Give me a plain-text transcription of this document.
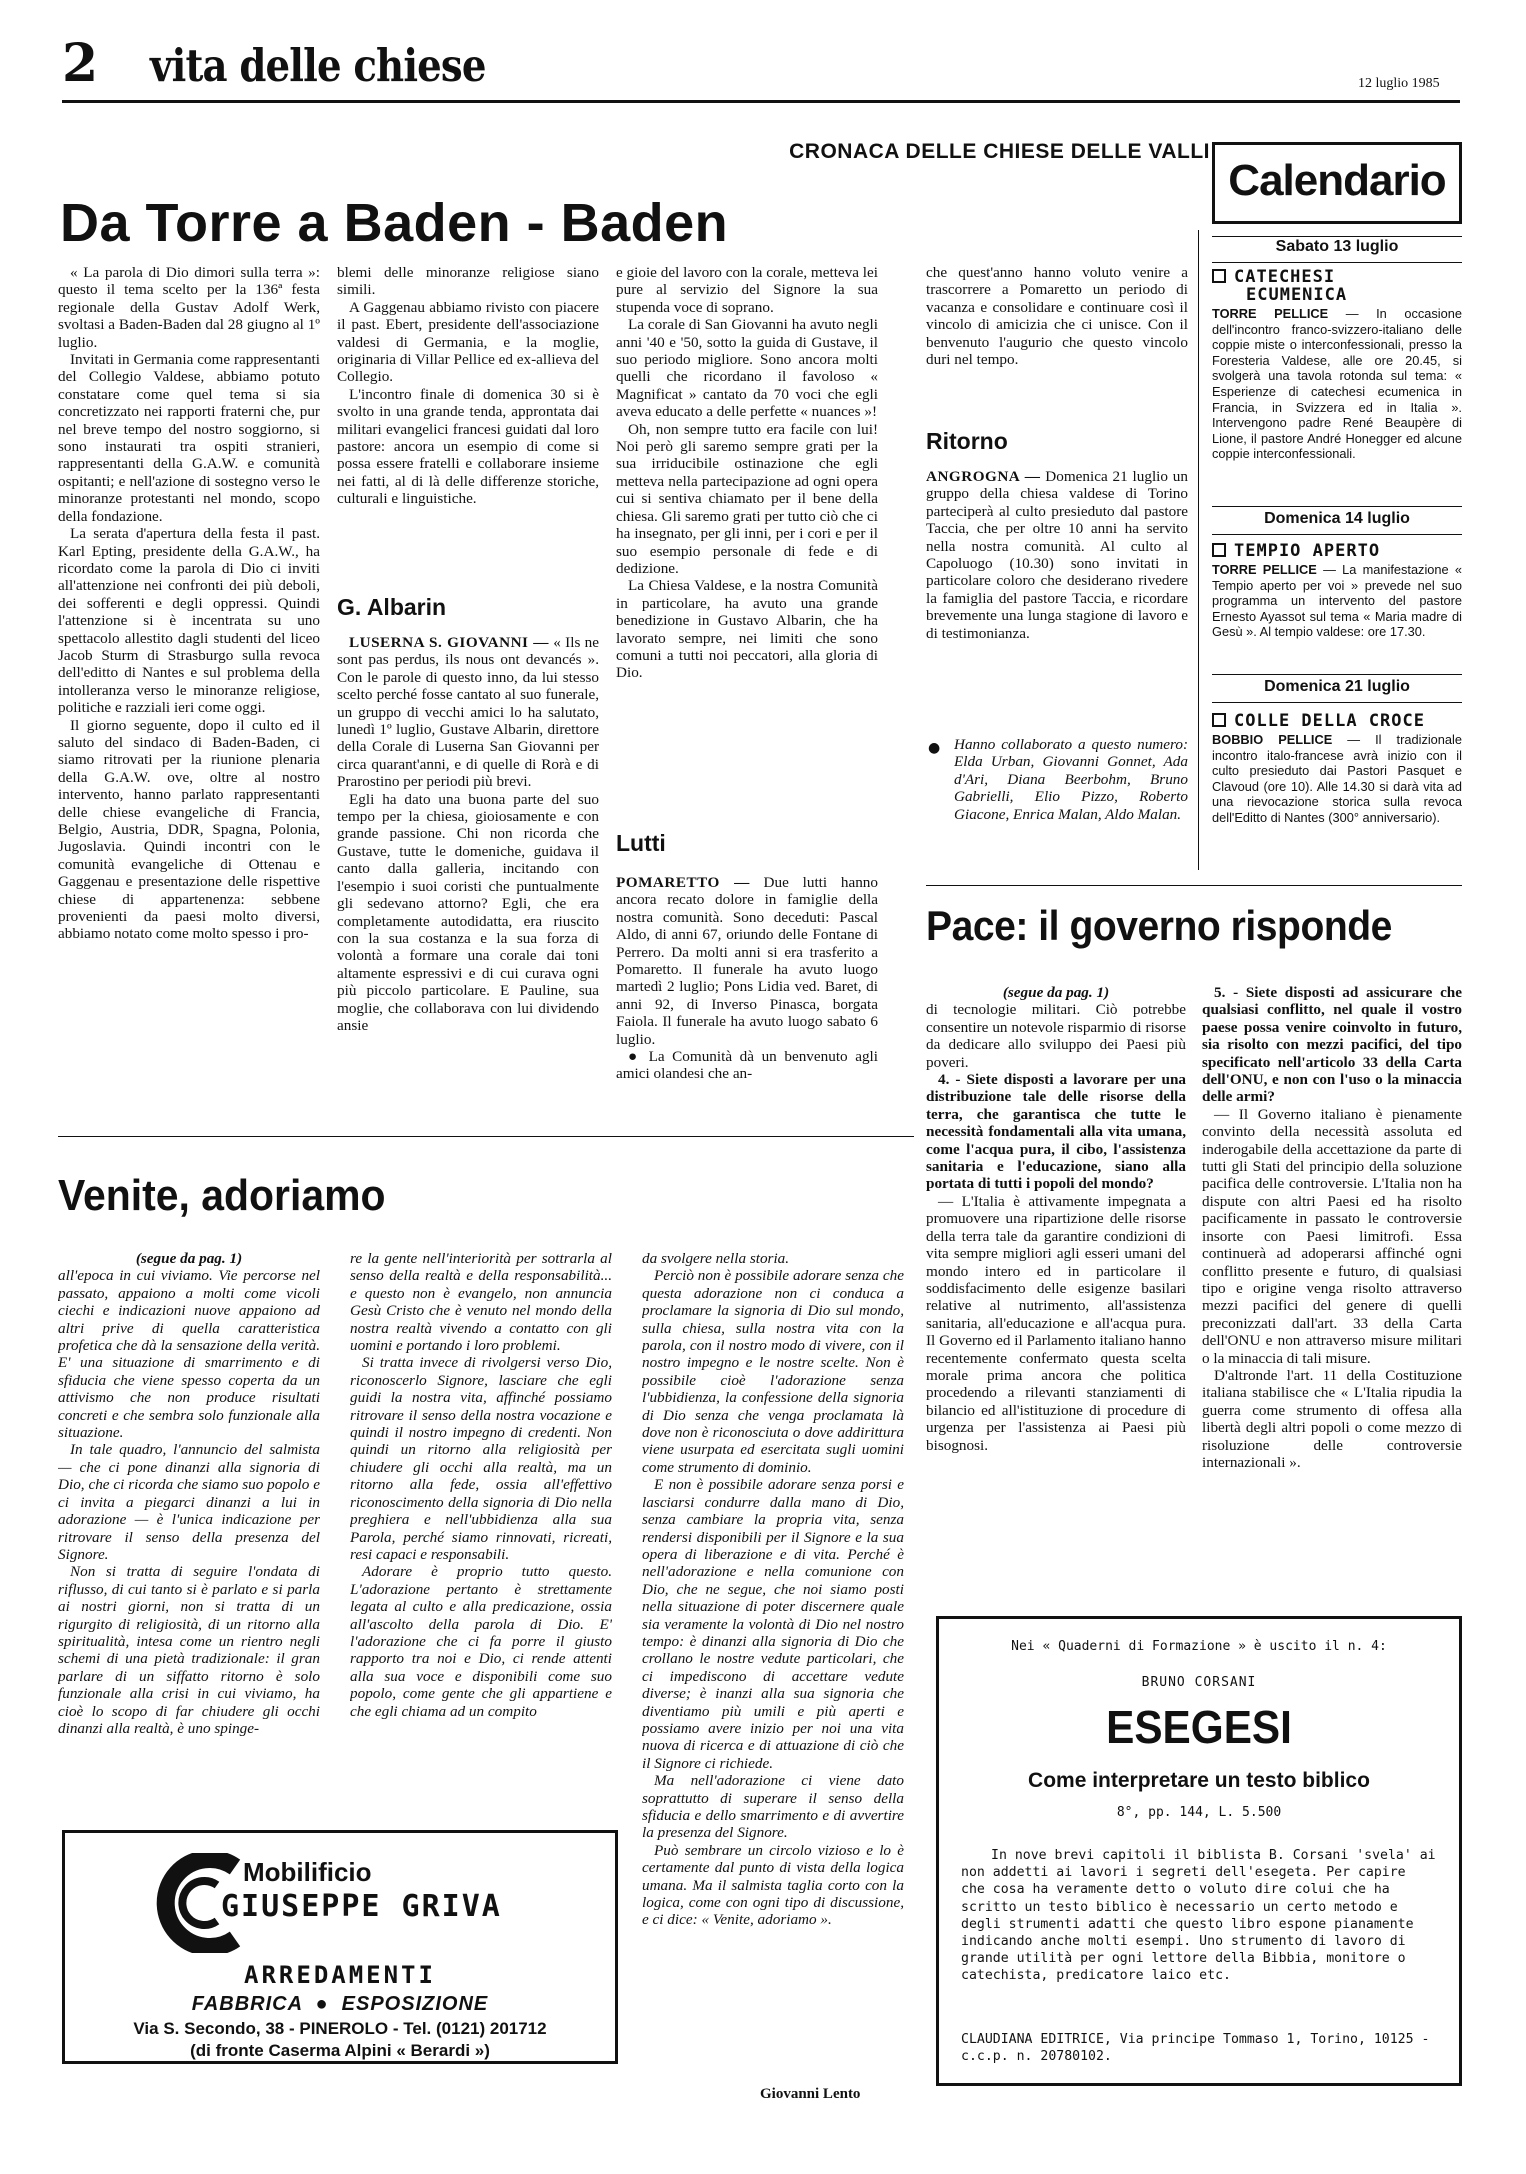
2 vita delle chiese	12 luglio 1985
CRONACA DELLE CHIESE DELLE VALLI
Da Torre a Baden - Baden

« La parola di Dio dimori sulla terra »: questo il tema scelto per la 136ª festa regionale della Gustav Adolf Werk, svoltasi a Baden-Baden dal 28 giugno al 1º luglio.

Invitati in Germania come rappresentanti del Collegio Valdese, abbiamo potuto constatare come quel tema si sia concretizzato nei rapporti fraterni che, pur nel breve tempo del nostro soggiorno, si sono instaurati tra ospiti stranieri, rappresentanti della G.A.W. e comunità ospitanti; e nell'azione di sostegno verso le minoranze protestanti nel mondo, scopo della fondazione.

La serata d'apertura della festa il past. Karl Epting, presidente della G.A.W., ha ricordato come la parola di Dio ci inviti all'attenzione nei confronti dei più deboli, dei sofferenti e degli oppressi. Quindi l'attenzione si è incentrata su uno spettacolo allestito dagli studenti del liceo Jacob Sturm di Strasburgo sulla revoca dell'editto di Nantes e sul problema della intolleranza verso le minoranze religiose, politiche e razziali ieri come oggi.

Il giorno seguente, dopo il culto ed il saluto del sindaco di Baden-Baden, ci siamo ritrovati per la riunione plenaria della G.A.W. ove, oltre al nostro intervento, hanno parlato rappresentanti delle chiese evangeliche di Francia, Belgio, Austria, DDR, Spagna, Polonia, Jugoslavia. Quindi incontri con le comunità evangeliche di Ottenau e Gaggenau e presentazione delle rispettive chiese di appartenenza: sebbene provenienti da paesi molto diversi, abbiamo notato come molto spesso i pro-

blemi delle minoranze religiose siano simili.

A Gaggenau abbiamo rivisto con piacere il past. Ebert, presidente dell'associazione valdesi di Germania, e la moglie, originaria di Villar Pellice ed ex-allieva del Collegio.

L'incontro finale di domenica 30 si è svolto in una grande tenda, approntata dai militari evangelici francesi guidati dal loro pastore: ancora un esempio di come si possa essere fratelli e collaborare insieme nei fatti, al di là delle differenze storiche, culturali e linguistiche.

G. Albarin

LUSERNA S. GIOVANNI — « Ils ne sont pas perdus, ils nous ont devancés ». Con le parole di questo inno, da lui stesso scelto perché fosse cantato al suo funerale, un gruppo di vecchi amici lo ha salutato, lunedì 1º luglio, Gustave Albarin, direttore della Corale di Luserna San Giovanni per circa quarant'anni, e di quelle di Rorà e di Prarostino per periodi più brevi.

Egli ha dato una buona parte del suo tempo per la chiesa, gioiosamente e con grande passione. Chi non ricorda che Gustave, tutte le domeniche, guidava il canto dalla galleria, incitando con l'esempio i suoi coristi che puntualmente gli sedevano attorno? Egli, che era completamente autodidatta, era riuscito con la sua costanza e la sua forza di volontà a formare una corale dai toni altamente espressivi e di cui curava ogni più piccolo particolare. E Pauline, sua moglie, che collaborava con lui dividendo ansie

e gioie del lavoro con la corale, metteva lei pure al servizio del Signore la sua stupenda voce di soprano.

La corale di San Giovanni ha avuto negli anni '40 e '50, sotto la guida di Gustave, il suo periodo migliore. Sono ancora molti quelli che ricordano il favoloso « Magnificat » cantato da 70 voci che egli aveva educato a delle perfette « nuances »!

Oh, non sempre tutto era facile con lui! Noi però gli saremo sempre grati per la sua irriducibile ostinazione che egli metteva nella partecipazione ad ogni opera cui si sentiva chiamato per il bene della chiesa. Gli saremo grati per tutto ciò che ci ha insegnato, per gli inni, per i cori e per il suo esempio personale di fede e di dedizione.

La Chiesa Valdese, e la nostra Comunità in particolare, ha avuto una grande benedizione in Gustavo Albarin, che ha lavorato sempre, nei limiti che sono comuni a tutti noi peccatori, alla gloria di Dio.

Lutti

POMARETTO — Due lutti hanno ancora recato dolore in famiglie della nostra comunità. Sono deceduti: Pascal Aldo, di anni 67, oriundo delle Fontane di Perrero. Da molti anni si era trasferito a Pomaretto. Il funerale ha avuto luogo martedì 2 luglio; Pons Lidia ved. Baret, di anni 92, di Inverso Pinasca, borgata Faiola. Il funerale ha avuto luogo sabato 6 luglio.

● La Comunità dà un benvenuto agli amici olandesi che an-

che quest'anno hanno voluto venire a trascorrere a Pomaretto un periodo di vacanza e consolidare e continuare così il vincolo di amicizia che ci unisce. Con il benvenuto l'augurio che questo vincolo duri nel tempo.

Ritorno

ANGROGNA — Domenica 21 luglio un gruppo della chiesa valdese di Torino parteciperà al culto presieduto dal pastore Taccia, che per oltre 10 anni ha servito nella nostra comunità. Al culto al Capoluogo (10.30) sono invitati in particolare coloro che desiderano rivedere la famiglia del pastore Taccia, e ricordare brevemente una lunga stagione di lavoro e di testimonianza.

● Hanno collaborato a questo numero: Elda Urban, Giovanni Gonnet, Ada d'Ari, Diana Beerbohm, Bruno Gabrielli, Elio Pizzo, Roberto Giacone, Enrica Malan, Aldo Malan.

Calendario
Sabato 13 luglio
CATECHESI
ECUMENICA
TORRE PELLICE — In occasione dell'incontro franco-svizzero-italiano delle coppie miste o interconfessionali, presso la Foresteria Valdese, alle ore 20.45, si svolgerà una tavola rotonda sul tema: « Esperienze di catechesi ecumenica in Francia, in Svizzera ed in Italia ». Intervengono padre René Beaupère di Lione, il pastore André Honegger ed alcune coppie interconfessionali.
Domenica 14 luglio
TEMPIO APERTO
TORRE PELLICE — La manifestazione « Tempio aperto per voi » prevede nel suo programma un intervento del pastore Ernesto Ayassot sul tema « Maria madre di Gesù ». Al tempio valdese: ore 17.30.
Domenica 21 luglio
COLLE DELLA CROCE
BOBBIO PELLICE — Il tradizionale incontro italo-francese avrà inizio con il culto presieduto dai Pastori Pasquet e Clavoud (ore 10). Alle 14.30 si darà vita ad una rievocazione storica sulla revoca dell'Editto di Nantes (300° anniversario).
Pace: il governo risponde

(segue da pag. 1)

di tecnologie militari. Ciò potrebbe consentire un notevole risparmio di risorse da dedicare allo sviluppo dei Paesi più poveri.

4. - Siete disposti a lavorare per una distribuzione tale delle risorse della terra, che garantisca che tutte le necessità fondamentali alla vita umana, come l'acqua pura, il cibo, l'assistenza sanitaria e l'educazione, siano alla portata di tutti i popoli del mondo?

— L'Italia è attivamente impegnata a promuovere una ripartizione delle risorse della terra tale da garantire condizioni di vita sempre migliori agli esseri umani del mondo intero ed in particolare il soddisfacimento delle esigenze basilari relative al nutrimento, all'assistenza sanitaria, all'educazione e all'acqua pura. Il Governo ed il Parlamento italiano hanno recentemente confermato questa scelta morale prima ancora che politica procedendo a rilevanti stanziamenti di bilancio ed all'istituzione di procedure di urgenza per l'assistenza ai Paesi più bisognosi.

5. - Siete disposti ad assicurare che qualsiasi conflitto, nel quale il vostro paese possa venire coinvolto in futuro, sia risolto con mezzi pacifici, del tipo specificato nell'articolo 33 della Carta dell'ONU, e non con l'uso o la minaccia delle armi?

— Il Governo italiano è pienamente convinto della necessità assoluta ed inderogabile della accettazione da parte di tutti gli Stati del principio della soluzione pacifica delle controversie. L'Italia non ha dispute con altri Paesi ed ha risolto pacificamente in passato le controversie insorte con Paesi limitrofi. Essa continuerà ad adoperarsi affinché ogni conflitto presente e futuro, di qualsiasi tipo e origine venga risolto attraverso mezzi pacifici del genere di quelli preconizzati dall'art. 33 della Carta dell'ONU e non attraverso misure militari o la minaccia di tali misure.

D'altronde l'art. 11 della Costituzione italiana stabilisce che « L'Italia ripudia la guerra come strumento di offesa alla libertà degli altri popoli o come mezzo di risoluzione delle controversie internazionali ».

Venite, adoriamo

(segue da pag. 1)

all'epoca in cui viviamo. Vie percorse nel passato, appaiono a molti come vicoli ciechi e indicazioni nuove appaiono ad altri prive di quella caratteristica profetica che dà la sensazione della verità. E' una situazione di smarrimento e di sfiducia che viene spesso coperta da un attivismo che non produce risultati concreti e che sembra solo funzionale alla situazione.

In tale quadro, l'annuncio del salmista — che ci pone dinanzi alla signoria di Dio, che ci ricorda che siamo suo popolo e ci invita a piegarci dinanzi a lui in adorazione — è l'unica indicazione per ritrovare il senso della presenza del Signore.

Non si tratta di seguire l'ondata di riflusso, di cui tanto si è parlato e si parla ai nostri giorni, non si tratta di un rigurgito di religiosità, di un ritorno alla spiritualità, intesa come un rientro negli schemi di una pietà tradizionale: il gran parlare di un siffatto ritorno è solo funzionale alla crisi in cui viviamo, ha cioè lo scopo di far chiudere gli occhi dinanzi alla realtà, è uno spinge-

re la gente nell'interiorità per sottrarla al senso della realtà e della responsabilità... e questo non è evangelo, non annuncia Gesù Cristo che è venuto nel mondo della nostra realtà vivendo a contatto con gli uomini e portando i loro problemi.

Si tratta invece di rivolgersi verso Dio, riconoscerlo Signore, lasciare che egli guidi la nostra vita, affinché possiamo ritrovare il senso della nostra vocazione e quindi il nostro impegno di credenti. Non quindi un ritorno alla religiosità per chiudere gli occhi alla realtà, ma un ritorno alla fede, ossia all'effettivo riconoscimento della signoria di Dio nella preghiera e nell'ubbidienza alla sua Parola, perché siamo rinnovati, ricreati, resi capaci e responsabili.

Adorare è proprio tutto questo. L'adorazione pertanto è strettamente legata al culto e alla predicazione, ossia all'ascolto della parola di Dio. E' l'adorazione che ci fa porre il giusto rapporto tra noi e Dio, ci rende attenti alla sua voce e disponibili come suo popolo, come gente che gli appartiene e che egli chiama ad un compito

da svolgere nella storia.

Perciò non è possibile adorare senza che questa adorazione non ci conduca a proclamare la signoria di Dio sul mondo, sulla chiesa, sulla nostra vita con la parola, con il nostro modo di vivere, con il nostro impegno e le nostre scelte. Non è possibile cioè l'adorazione senza l'ubbidienza, la confessione della signoria di Dio senza che venga proclamata là dove non è riconosciuta o dove addirittura viene usurpata ed esercitata sugli uomini come strumento di dominio.

E non è possibile adorare senza porsi e lasciarsi condurre dalla mano di Dio, senza cambiare la propria vita, senza rendersi disponibili per il Signore e la sua opera di liberazione e di vita. Perché è nell'adorazione e nella comunione con Dio, che ne segue, che noi siamo posti nella situazione di poter discernere quale sia veramente la volontà di Dio nel nostro tempo: è dinanzi alla signoria di Dio che crollano le nostre vedute particolari, che ci impediscono di accettare vedute diverse; è inanzi alla sua signoria che diventiamo più umili e più aperti e possiamo avere inizio per noi una vita nuova di ricerca e di attuazione di ciò che il Signore ci richiede.

Ma nell'adorazione ci viene dato soprattutto di superare il senso della sfiducia e dello smarrimento e di avvertire la presenza del Signore.

Può sembrare un circolo vizioso e lo è certamente dal punto di vista della logica umana. Ma il salmista taglia corto con la logica, come con ogni tipo di discussione, e ci dice: « Venite, adoriamo ».

Giovanni Lento
Mobilificio
GIUSEPPE GRIVA
ARREDAMENTI
FABBRICA  ●  ESPOSIZIONE
Via S. Secondo, 38 - PINEROLO - Tel. (0121) 201712
(di fronte Caserma Alpini « Berardi »)
Nei « Quaderni di Formazione » è uscito il n. 4:
BRUNO CORSANI
ESEGESI
Come interpretare un testo biblico
8°, pp. 144, L. 5.500
In nove brevi capitoli il biblista B. Corsani 'svela' ai non addetti ai lavori i segreti dell'esegeta. Per capire che cosa ha veramente detto o voluto dire colui che ha scritto un testo biblico è necessario un certo metodo e degli strumenti adatti che questo libro espone pianamente indicando anche molti esempi. Uno strumento di lavoro di grande utilità per ogni lettore della Bibbia, monitore o catechista, predicatore laico etc.
CLAUDIANA EDITRICE, Via principe Tommaso 1, Torino, 10125 - c.c.p. n. 20780102.
